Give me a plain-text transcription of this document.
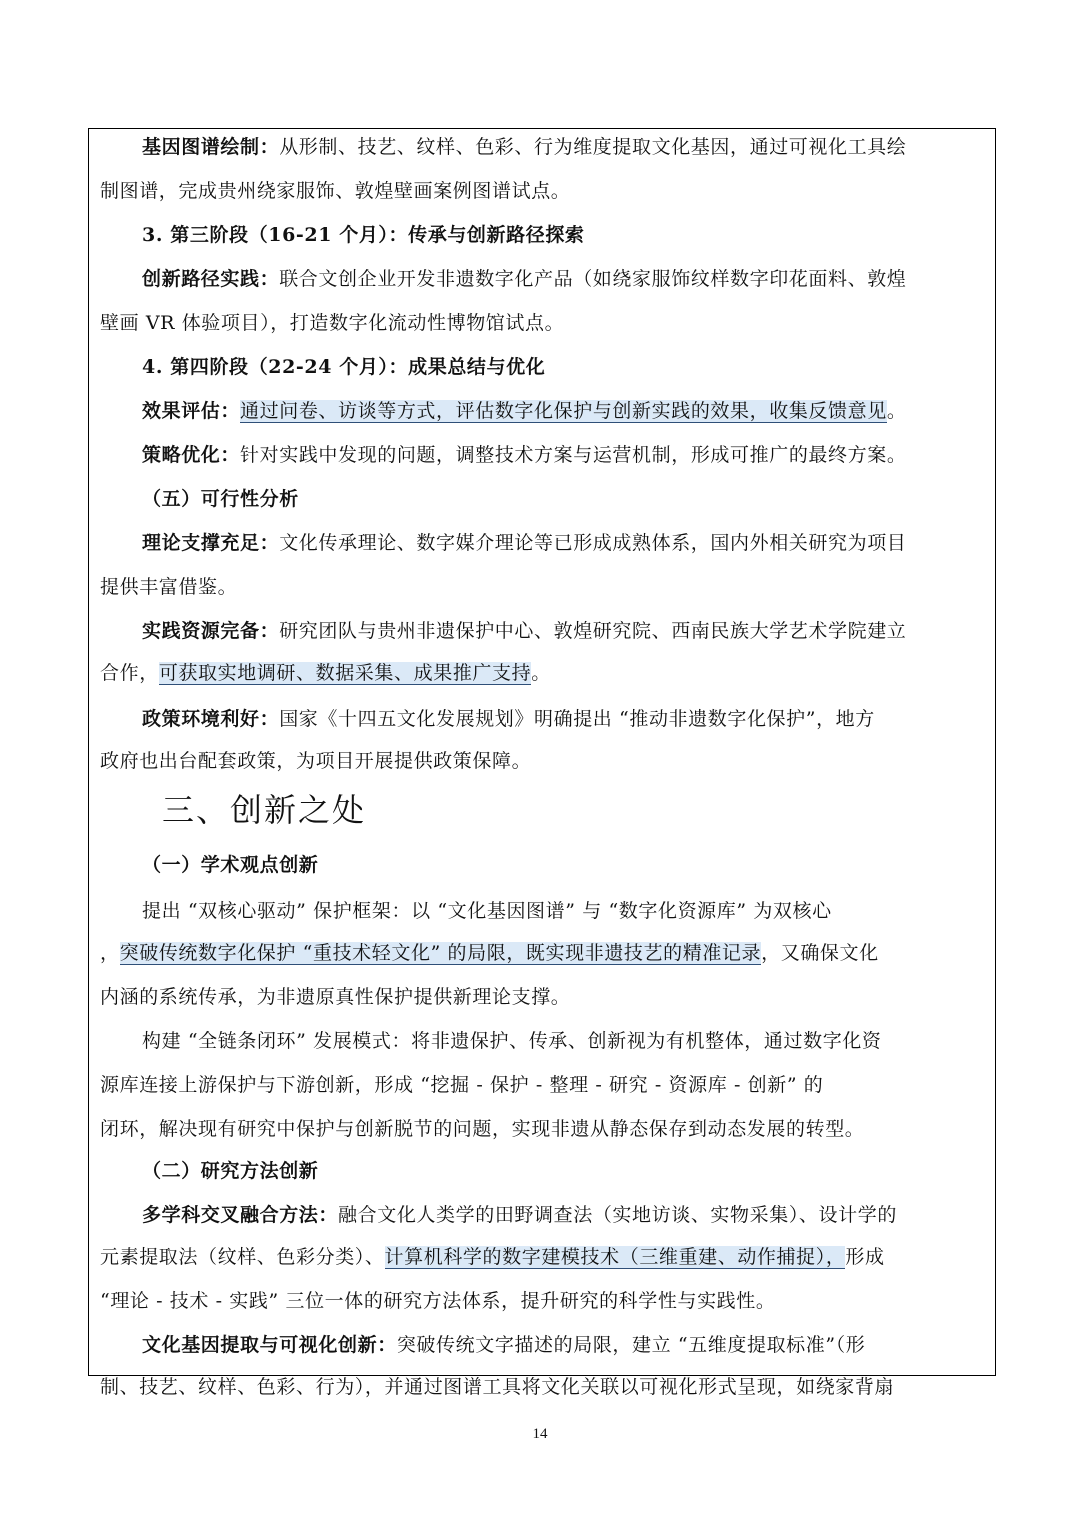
基因图谱绘制：从形制、技艺、纹样、色彩、行为维度提取文化基因，通过可视化工具绘
制图谱，完成贵州绕家服饰、敦煌壁画案例图谱试点。
3. 第三阶段（16-21 个月）：传承与创新路径探索
创新路径实践：联合文创企业开发非遗数字化产品（如绕家服饰纹样数字印花面料、敦煌
壁画 VR 体验项目），打造数字化流动性博物馆试点。
4. 第四阶段（22-24 个月）：成果总结与优化
效果评估：通过问卷、访谈等方式，评估数字化保护与创新实践的效果，收集反馈意见。
策略优化：针对实践中发现的问题，调整技术方案与运营机制，形成可推广的最终方案。
（五）可行性分析
理论支撑充足：文化传承理论、数字媒介理论等已形成成熟体系，国内外相关研究为项目
提供丰富借鉴。
实践资源完备：研究团队与贵州非遗保护中心、敦煌研究院、西南民族大学艺术学院建立
合作，可获取实地调研、数据采集、成果推广支持。
政策环境利好：国家《十四五文化发展规划》明确提出 “推动非遗数字化保护”，地方
政府也出台配套政策，为项目开展提供政策保障。
三、创新之处
（一）学术观点创新
提出 “双核心驱动” 保护框架：以 “文化基因图谱” 与 “数字化资源库” 为双核心
，突破传统数字化保护 “重技术轻文化” 的局限，既实现非遗技艺的精准记录，又确保文化
内涵的系统传承，为非遗原真性保护提供新理论支撑。
构建 “全链条闭环” 发展模式：将非遗保护、传承、创新视为有机整体，通过数字化资
源库连接上游保护与下游创新，形成 “挖掘 - 保护 - 整理 - 研究 - 资源库 - 创新” 的
闭环，解决现有研究中保护与创新脱节的问题，实现非遗从静态保存到动态发展的转型。
（二）研究方法创新
多学科交叉融合方法：融合文化人类学的田野调查法（实地访谈、实物采集）、设计学的
元素提取法（纹样、色彩分类）、计算机科学的数字建模技术（三维重建、动作捕捉），形成
“理论 - 技术 - 实践” 三位一体的研究方法体系，提升研究的科学性与实践性。
文化基因提取与可视化创新：突破传统文字描述的局限，建立 “五维度提取标准”（形
制、技艺、纹样、色彩、行为），并通过图谱工具将文化关联以可视化形式呈现，如绕家背扇
14
